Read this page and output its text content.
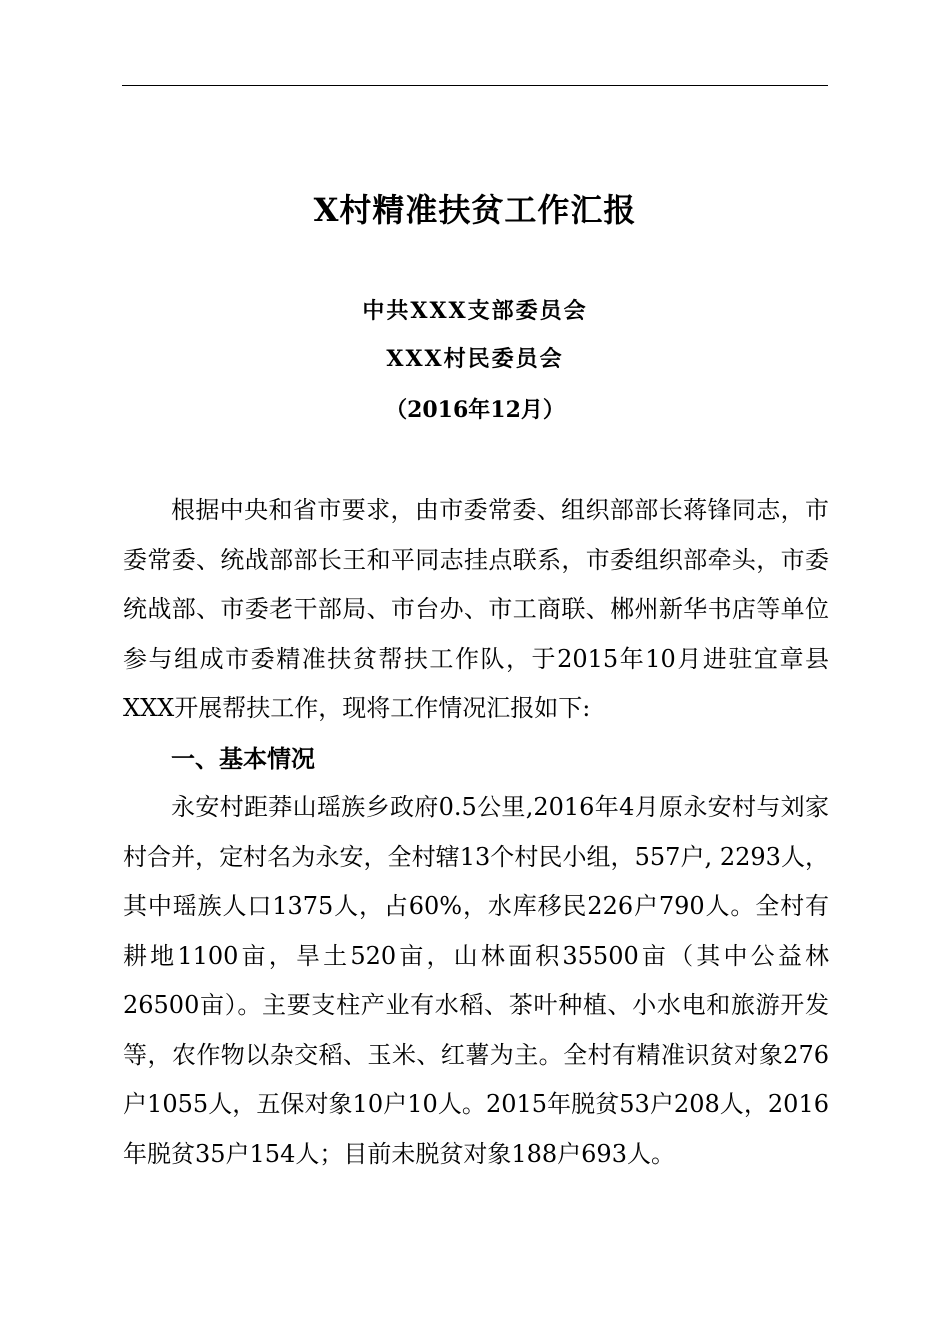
X村精准扶贫工作汇报
中共XXX支部委员会
XXX村民委员会
（2016年12月）

根据中央和省市要求，由市委常委、组织部部长蒋锋同志，市委常委、统战部部长王和平同志挂点联系，市委组织部牵头，市委统战部、市委老干部局、市台办、市工商联、郴州新华书店等单位参与组成市委精准扶贫帮扶工作队，于2015年10月进驻宜章县XXX开展帮扶工作，现将工作情况汇报如下:

一、基本情况

永安村距莽山瑶族乡政府0.5公里,2016年4月原永安村与刘家村合并，定村名为永安，全村辖13个村民小组，557户, 2293人，其中瑶族人口1375人，占60%，水库移民226户790人。全村有耕地1100亩，旱土520亩，山林面积35500亩（其中公益林26500亩）。主要支柱产业有水稻、茶叶种植、小水电和旅游开发等，农作物以杂交稻、玉米、红薯为主。全村有精准识贫对象276户1055人，五保对象10户10人。2015年脱贫53户208人，2016年脱贫35户154人；目前未脱贫对象188户693人。
